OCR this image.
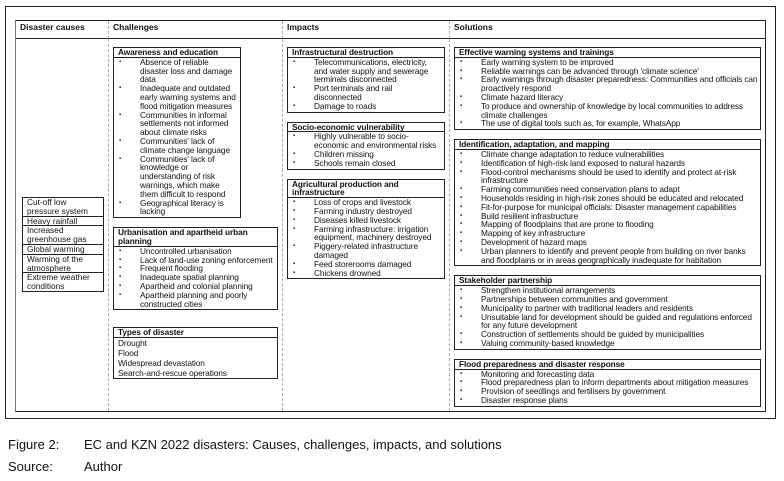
Disaster causes	Challenges	Impacts	Solutions
Cut-off low pressure system
Heavy rainfall
Increased greenhouse gas
Global warming
Warming of the atmosphere
Extreme weather conditions
Awareness and education
▪ Absence of reliable disaster loss and damage data
▪ Inadequate and outdated early warning systems and flood mitigation measures
▪ Communities in informal settlements not informed about climate risks
▪ Communities' lack of climate change language
▪ Communities' lack of knowledge or understanding of risk warnings, which make them difficult to respond
▪ Geographical literacy is lacking
Urbanisation and apartheid urban planning
▪ Uncontrolled urbanisation
▪ Lack of land-use zoning enforcement
▪ Frequent flooding
▪ Inadequate spatial planning
▪ Apartheid and colonial planning
▪ Apartheid planning and poorly constructed cities
Types of disaster
Drought
Flood
Widespread devastation
Search-and-rescue operations
Infrastructural destruction
▪ Telecommunications, electricity, and water supply and sewerage terminals disconnected
▪ Port terminals and rail disconnected
▪ Damage to roads
Socio-economic vulnerability
▪ Highly vulnerable to socio-economic and environmental risks
▪ Children missing
▪ Schools remain closed
Agricultural production and infrastructure
▪ Loss of crops and livestock
▪ Farming industry destroyed
▪ Diseases killed livestock
▪ Farming infrastructure: irrigation equipment, machinery destroyed
▪ Piggery-related infrastructure damaged
▪ Feed storerooms damaged
▪ Chickens drowned
Effective warning systems and trainings
▪ Early warning system to be improved
▪ Reliable warnings can be advanced through 'climate science'
▪ Early warnings through disaster preparedness: Communities and officials can proactively respond
▪ Climate hazard literacy
▪ To produce and ownership of knowledge by local communities to address climate challenges
▪ The use of digital tools such as, for example, WhatsApp
Identification, adaptation, and mapping
▪ Climate change adaptation to reduce vulnerabilities
▪ Identification of high-risk land exposed to natural hazards
▪ Flood-control mechanisms should be used to identify and protect at-risk infrastructure
▪ Farming communities need conservation plans to adapt
▪ Households residing in high-risk zones should be educated and relocated
▪ Fit-for-purpose for municipal officials: Disaster management capabilities
▪ Build resilient infrastructure
▪ Mapping of floodplains that are prone to flooding
▪ Mapping of key infrastructure
▪ Development of hazard maps
▪ Urban planners to identify and prevent people from building on river banks and floodplains or in areas geographically inadequate for habitation
Stakeholder partnership
▪ Strengthen institutional arrangements
▪ Partnerships between communities and government
▪ Municipality to partner with traditional leaders and residents
▪ Unsuitable land for development should be guided and regulations enforced for any future development
▪ Construction of settlements should be guided by municipalities
▪ Valuing community-based knowledge
Flood preparedness and disaster response
▪ Monitoring and forecasting data
▪ Flood preparedness plan to inform departments about mitigation measures
▪ Provision of seedlings and fertilisers by government
▪ Disaster response plans
Figure 2: EC and KZN 2022 disasters: Causes, challenges, impacts, and solutions
Source: Author
